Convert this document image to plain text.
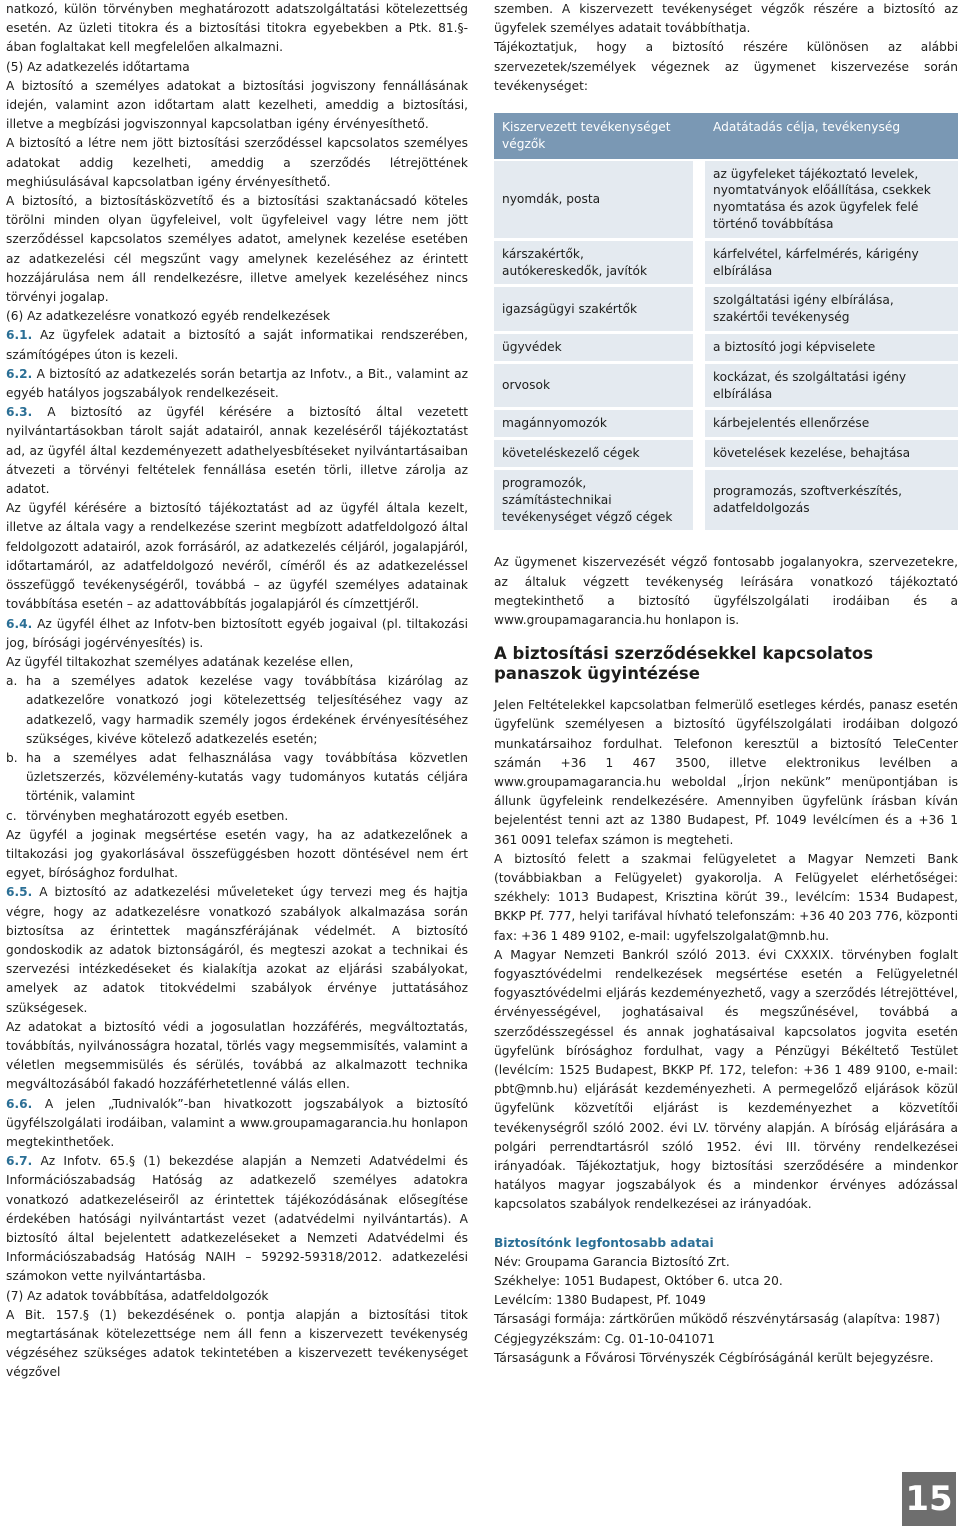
natkozó, külön törvényben meghatározott adatszolgáltatási kötelezettség esetén. Az üzleti titokra és a biztosítási titokra egyebekben a Ptk. 81.§-ában foglaltakat kell megfelelően alkalmazni.

(5) Az adatkezelés időtartama

A biztosító a személyes adatokat a biztosítási jogviszony fennállásának idején, valamint azon időtartam alatt kezelheti, ameddig a biztosítási, illetve a megbízási jogviszonnyal kapcsolatban igény érvényesíthető.

A biztosító a létre nem jött biztosítási szerződéssel kapcsolatos személyes adatokat addig kezelheti, ameddig a szerződés létrejöttének meghiúsulásával kapcsolatban igény érvényesíthető.

A biztosító, a biztosításközvetítő és a biztosítási szaktanácsadó köteles törölni minden olyan ügyfeleivel, volt ügyfeleivel vagy létre nem jött szerződéssel kapcsolatos személyes adatot, amelynek kezelése esetében az adatkezelési cél megszűnt vagy amelynek kezeléséhez az érintett hozzájárulása nem áll rendelkezésre, illetve amelyek kezeléséhez nincs törvényi jogalap.

(6) Az adatkezelésre vonatkozó egyéb rendelkezések

6.1. Az ügyfelek adatait a biztosító a saját informatikai rendszerében, számítógépes úton is kezeli.

6.2. A biztosító az adatkezelés során betartja az Infotv., a Bit., valamint az egyéb hatályos jogszabályok rendelkezéseit.

6.3. A biztosító az ügyfél kérésére a biztosító által vezetett nyilvántartásokban tárolt saját adatairól, annak kezeléséről tájékoztatást ad, az ügyfél által kezdeményezett adathelyesbítéseket nyilvántartásaiban átvezeti a törvényi feltételek fennállása esetén törli, illetve zárolja az adatot.

Az ügyfél kérésére a biztosító tájékoztatást ad az ügyfél általa kezelt, illetve az általa vagy a rendelkezése szerint megbízott adatfeldolgozó által feldolgozott adatairól, azok forrásáról, az adatkezelés céljáról, jogalapjáról, időtartamáról, az adatfeldolgozó nevéről, címéről és az adatkezeléssel összefüggő tevékenységéről, továbbá – az ügyfél személyes adatainak továbbítása esetén – az adattovábbítás jogalapjáról és címzettjéről.

6.4. Az ügyfél élhet az Infotv-ben biztosított egyéb jogaival (pl. tiltakozási jog, bírósági jogérvényesítés) is.

Az ügyfél tiltakozhat személyes adatának kezelése ellen,

a. ha a személyes adatok kezelése vagy továbbítása kizárólag az adatkezelőre vonatkozó jogi kötelezettség teljesítéséhez vagy az adatkezelő, vagy harmadik személy jogos érdekének érvényesítéséhez szükséges, kivéve kötelező adatkezelés esetén;
b. ha a személyes adat felhasználása vagy továbbítása közvetlen üzletszerzés, közvélemény-kutatás vagy tudományos kutatás céljára történik, valamint
c. törvényben meghatározott egyéb esetben.

Az ügyfél a joginak megsértése esetén vagy, ha az adatkezelőnek a tiltakozási jog gyakorlásával összefüggésben hozott döntésével nem ért egyet, bírósághoz fordulhat.

6.5. A biztosító az adatkezelési műveleteket úgy tervezi meg és hajtja végre, hogy az adatkezelésre vonatkozó szabályok alkalmazása során biztosítsa az érintettek magánszférájának védelmét. A biztosító gondoskodik az adatok biztonságáról, és megteszi azokat a technikai és szervezési intézkedéseket és kialakítja azokat az eljárási szabályokat, amelyek az adatok titokvédelmi szabályok érvénye juttatásához szükségesek.

Az adatokat a biztosító védi a jogosulatlan hozzáférés, megváltoztatás, továbbítás, nyilvánosságra hozatal, törlés vagy megsemmisítés, valamint a véletlen megsemmisülés és sérülés, továbbá az alkalmazott technika megváltozásából fakadó hozzáférhetetlenné válás ellen.

6.6. A jelen „Tudnivalók”-ban hivatkozott jogszabályok a biztosító ügyfélszolgálati irodáiban, valamint a www.groupamagarancia.hu honlapon megtekinthetőek.

6.7. Az Infotv. 65.§ (1) bekezdése alapján a Nemzeti Adatvédelmi és Információszabadság Hatóság az adatkezelő személyes adatokra vonatkozó adatkezeléseiről az érintettek tájékozódásának elősegítése érdekében hatósági nyilvántartást vezet (adatvédelmi nyilvántartás). A biztosító által bejelentett adatkezeléseket a Nemzeti Adatvédelmi és Információszabadság Hatóság NAIH – 59292-59318/2012. adatkezelési számokon vette nyilvántartásba.

(7) Az adatok továbbítása, adatfeldolgozók

A Bit. 157.§ (1) bekezdésének o. pontja alapján a biztosítási titok megtartásának kötelezettsége nem áll fenn a kiszervezett tevékenység végzéséhez szükséges adatok tekintetében a kiszervezett tevékenységet végzővel

szemben. A kiszervezett tevékenységet végzők részére a biztosító az ügyfelek személyes adatait továbbíthatja.

Tájékoztatjuk, hogy a biztosító részére különösen az alábbi szervezetek/személyek végeznek az ügymenet kiszervezése során tevékenységet:

Kiszervezett tevékenységet végzők	Adatátadás célja, tevékenység
nyomdák, posta	az ügyfeleket tájékoztató levelek, nyomtatványok előállítása, csekkek nyomtatása és azok ügyfelek felé történő továbbítása
kárszakértők, autókereskedők, javítók	kárfelvétel, kárfelmérés, kárigény elbírálása
igazságügyi szakértők	szolgáltatási igény elbírálása, szakértői tevékenység
ügyvédek	a biztosító jogi képviselete
orvosok	kockázat, és szolgáltatási igény elbírálása
magánnyomozók	kárbejelentés ellenőrzése
követeléskezelő cégek	követelések kezelése, behajtása
programozók, számítástechnikai tevékenységet végző cégek	programozás, szoftverkészítés, adatfeldolgozás

Az ügymenet kiszervezését végző fontosabb jogalanyokra, szervezetekre, az általuk végzett tevékenység leírására vonatkozó tájékoztató megtekinthető a biztosító ügyfélszolgálati irodáiban és a www.groupamagarancia.hu honlapon is.

A biztosítási szerződésekkel kapcsolatos panaszok ügyintézése

Jelen Feltételekkel kapcsolatban felmerülő esetleges kérdés, panasz esetén ügyfelünk személyesen a biztosító ügyfélszolgálati irodáiban dolgozó munkatársaihoz fordulhat. Telefonon keresztül a biztosító TeleCenter számán +36 1 467 3500, illetve elektronikus levélben a www.groupamagarancia.hu weboldal „Írjon nekünk” menüpontjában is állunk ügyfeleink rendelkezésére. Amennyiben ügyfelünk írásban kíván bejelentést tenni azt az 1380 Budapest, Pf. 1049 levélcímen és a +36 1 361 0091 telefax számon is megteheti.

A biztosító felett a szakmai felügyeletet a Magyar Nemzeti Bank (továbbiakban a Felügyelet) gyakorolja. A Felügyelet elérhetőségei: székhely: 1013 Budapest, Krisztina körút 39., levélcím: 1534 Budapest, BKKP Pf. 777, helyi tarifával hívható telefonszám: +36 40 203 776, központi fax: +36 1 489 9102, e-mail: ugyfelszolgalat@mnb.hu.

A Magyar Nemzeti Bankról szóló 2013. évi CXXXIX. törvényben foglalt fogyasztóvédelmi rendelkezések megsértése esetén a Felügyeletnél fogyasztóvédelmi eljárás kezdeményezhető, vagy a szerződés létrejöttével, érvényességével, joghatásaival és megszűnésével, továbbá a szerződésszegéssel és annak joghatásaival kapcsolatos jogvita esetén ügyfelünk bírósághoz fordulhat, vagy a Pénzügyi Békéltető Testület (levélcím: 1525 Budapest, BKKP Pf. 172, telefon: +36 1 489 9100, e-mail: pbt@mnb.hu) eljárását kezdeményezheti. A permegelőző eljárások közül ügyfelünk közvetítői eljárást is kezdeményezhet a közvetítői tevékenységről szóló 2002. évi LV. törvény alapján. A bíróság eljárására a polgári perrendtartásról szóló 1952. évi III. törvény rendelkezései irányadóak. Tájékoztatjuk, hogy biztosítási szerződésére a mindenkor hatályos magyar jogszabályok és a mindenkor érvényes adózással kapcsolatos szabályok rendelkezései az irányadóak.

Biztosítónk legfontosabb adatai
Név: Groupama Garancia Biztosító Zrt.
Székhelye: 1051 Budapest, Október 6. utca 20.
Levélcím: 1380 Budapest, Pf. 1049
Társasági formája: zártkörűen működő részvénytársaság (alapítva: 1987)
Cégjegyzékszám: Cg. 01-10-041071
Társaságunk a Fővárosi Törvényszék Cégbíróságánál került bejegyzésre.
15
